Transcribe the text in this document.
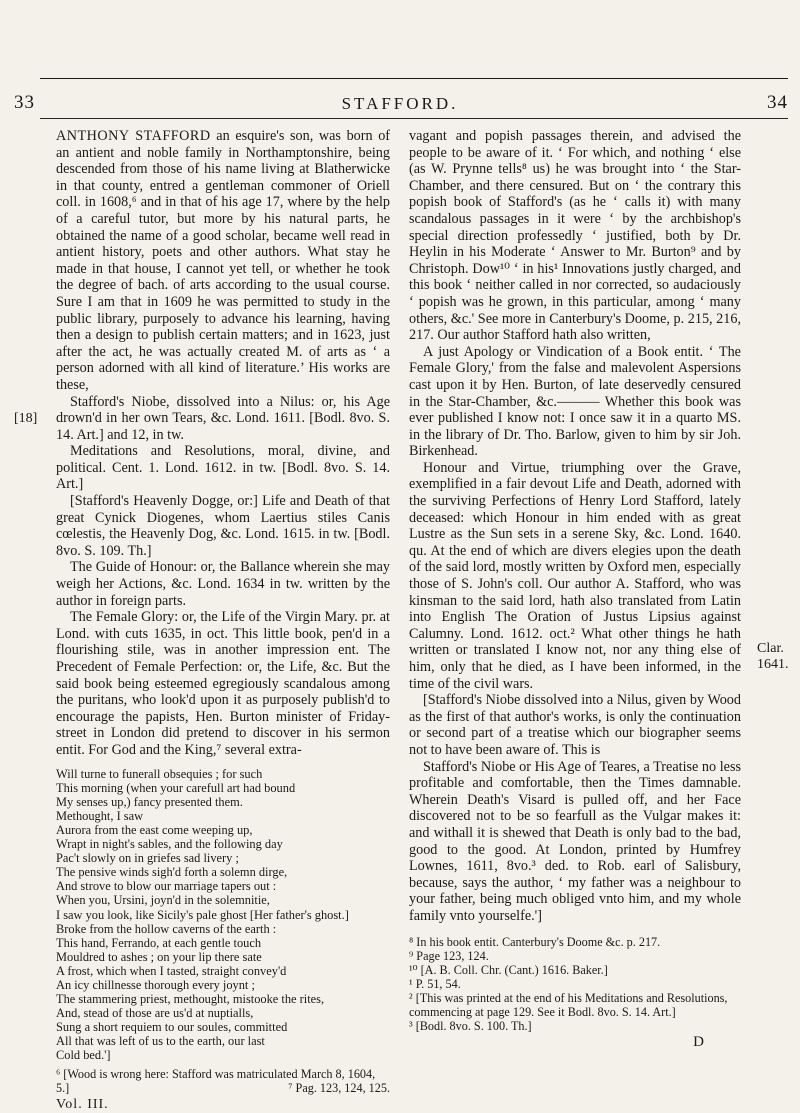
33	STAFFORD.	34
[18]

ANTHONY STAFFORD an esquire's son, was born of an antient and noble family in Northamptonshire, being descended from those of his name living at Blatherwicke in that county, entred a gentleman commoner of Oriell coll. in 1608,⁶ and in that of his age 17, where by the help of a careful tutor, but more by his natural parts, he obtained the name of a good scholar, became well read in antient history, poets and other authors. What stay he made in that house, I cannot yet tell, or whether he took the degree of bach. of arts according to the usual course. Sure I am that in 1609 he was permitted to study in the public library, purposely to advance his learning, having then a design to publish certain matters; and in 1623, just after the act, he was actually created M. of arts as ‘ a person adorned with all kind of literature.’ His works are these,

Stafford's Niobe, dissolved into a Nilus: or, his Age drown'd in her own Tears, &c. Lond. 1611. [Bodl. 8vo. S. 14. Art.] and 12, in tw.

Meditations and Resolutions, moral, divine, and political. Cent. 1. Lond. 1612. in tw. [Bodl. 8vo. S. 14. Art.]

[Stafford's Heavenly Dogge, or:] Life and Death of that great Cynick Diogenes, whom Laertius stiles Canis cœlestis, the Heavenly Dog, &c. Lond. 1615. in tw. [Bodl. 8vo. S. 109. Th.]

The Guide of Honour: or, the Ballance wherein she may weigh her Actions, &c. Lond. 1634 in tw. written by the author in foreign parts.

The Female Glory: or, the Life of the Virgin Mary. pr. at Lond. with cuts 1635, in oct. This little book, pen'd in a flourishing stile, was in another impression ent. The Precedent of Female Perfection: or, the Life, &c. But the said book being esteemed egregiously scandalous among the puritans, who look'd upon it as purposely publish'd to encourage the papists, Hen. Burton minister of Friday-street in London did pretend to discover in his sermon entit. For God and the King,⁷ several extra-

Will turne to funerall obsequies ; for such
This morning (when your carefull art had bound
My senses up,) fancy presented them.
Methought, I saw
Aurora from the east come weeping up,
Wrapt in night's sables, and the following day
Pac't slowly on in griefes sad livery ;
The pensive winds sigh'd forth a solemn dirge,
And strove to blow our marriage tapers out :
When you, Ursini, joyn'd in the solemnitie,
I saw you look, like Sicily's pale ghost [Her father's ghost.]
Broke from the hollow caverns of the earth :
This hand, Ferrando, at each gentle touch
Mouldred to ashes ; on your lip there sate
A frost, which when I tasted, straight convey'd
An icy chillnesse thorough every joynt ;
The stammering priest, methought, mistooke the rites,
And, stead of those are us'd at nuptialls,
Sung a short requiem to our soules, committed
All that was left of us to the earth, our last
Cold bed.']
⁶ [Wood is wrong here: Stafford was matriculated March 8, 1604, 5.]	⁷ Pag. 123, 124, 125.
Vol. III.

vagant and popish passages therein, and advised the people to be aware of it. ‘ For which, and nothing ‘ else (as W. Prynne tells⁸ us) he was brought into ‘ the Star-Chamber, and there censured. But on ‘ the contrary this popish book of Stafford's (as he ‘ calls it) with many scandalous passages in it were ‘ by the archbishop's special direction professedly ‘ justified, both by Dr. Heylin in his Moderate ‘ Answer to Mr. Burton⁹ and by Christoph. Dow¹⁰ ‘ in his¹ Innovations justly charged, and this book ‘ neither called in nor corrected, so audaciously ‘ popish was he grown, in this particular, among ‘ many others, &c.' See more in Canterbury's Doome, p. 215, 216, 217. Our author Stafford hath also written,

A just Apology or Vindication of a Book entit. ‘ The Female Glory,' from the false and malevolent Aspersions cast upon it by Hen. Burton, of late deservedly censured in the Star-Chamber, &c.——— Whether this book was ever published I know not: I once saw it in a quarto MS. in the library of Dr. Tho. Barlow, given to him by sir Joh. Birkenhead.

Honour and Virtue, triumphing over the Grave, exemplified in a fair devout Life and Death, adorned with the surviving Perfections of Henry Lord Stafford, lately deceased: which Honour in him ended with as great Lustre as the Sun sets in a serene Sky, &c. Lond. 1640. qu. At the end of which are divers elegies upon the death of the said lord, mostly written by Oxford men, especially those of S. John's coll. Our author A. Stafford, who was kinsman to the said lord, hath also translated from Latin into English The Oration of Justus Lipsius against Calumny. Lond. 1612. oct.² What other things he hath written or translated I know not, nor any thing else of him, only that he died, as I have been informed, in the time of the civil wars.

[Stafford's Niobe dissolved into a Nilus, given by Wood as the first of that author's works, is only the continuation or second part of a treatise which our biographer seems not to have been aware of. This is

Stafford's Niobe or His Age of Teares, a Treatise no less profitable and comfortable, then the Times damnable. Wherein Death's Visard is pulled off, and her Face discovered not to be so fearfull as the Vulgar makes it: and withall it is shewed that Death is only bad to the bad, good to the good. At London, printed by Humfrey Lownes, 1611, 8vo.³ ded. to Rob. earl of Salisbury, because, says the author, ‘ my father was a neighbour to your father, being much obliged vnto him, and my whole family vnto yourselfe.']

⁸ In his book entit. Canterbury's Doome &c. p. 217.
⁹ Page 123, 124.
¹⁰ [A. B. Coll. Chr. (Cant.) 1616. Baker.]
¹ P. 51, 54.
² [This was printed at the end of his Meditations and Resolutions, commencing at page 129. See it Bodl. 8vo. S. 14. Art.]
³ [Bodl. 8vo. S. 100. Th.]
Clar.
1641.
D
